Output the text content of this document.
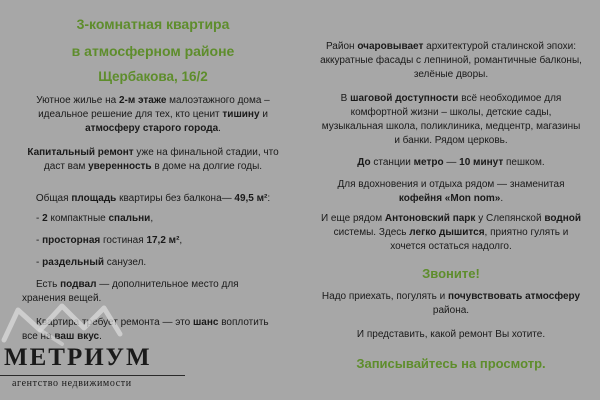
3-комнатная квартира
в атмосферном районе
Щербакова, 16/2

Уютное жилье на 2-м этаже малоэтажного дома – идеальное решение для тех, кто ценит тишину и атмосферу старого города.

Капитальный ремонт уже на финальной стадии, что даст вам уверенность в доме на долгие годы.

Общая площадь квартиры без балкона— 49,5 м²:

- 2 компактные спальни,

- просторная гостиная 17,2 м²,

- раздельный санузел.

Есть подвал — дополнительное место для хранения вещей.

Квартира требует ремонта — это шанс воплотить все на ваш вкус.

Район очаровывает архитектурой сталинской эпохи: аккуратные фасады с лепниной, романтичные балконы, зелёные дворы.

В шаговой доступности всё необходимое для комфортной жизни – школы, детские сады, музыкальная школа, поликлиника, медцентр, магазины и банки. Рядом церковь.

До станции метро — 10 минут пешком.

Для вдохновения и отдыха рядом — знаменитая кофейня «Mon nom».

И еще рядом Антоновский парк у Слепянской водной системы. Здесь легко дышится, приятно гулять и хочется остаться надолго.

Звоните!

Надо приехать, погулять и почувствовать атмосферу района.

И представить, какой ремонт Вы хотите.

Записывайтесь на просмотр.
МЕТРИУМ
агентство недвижимости
